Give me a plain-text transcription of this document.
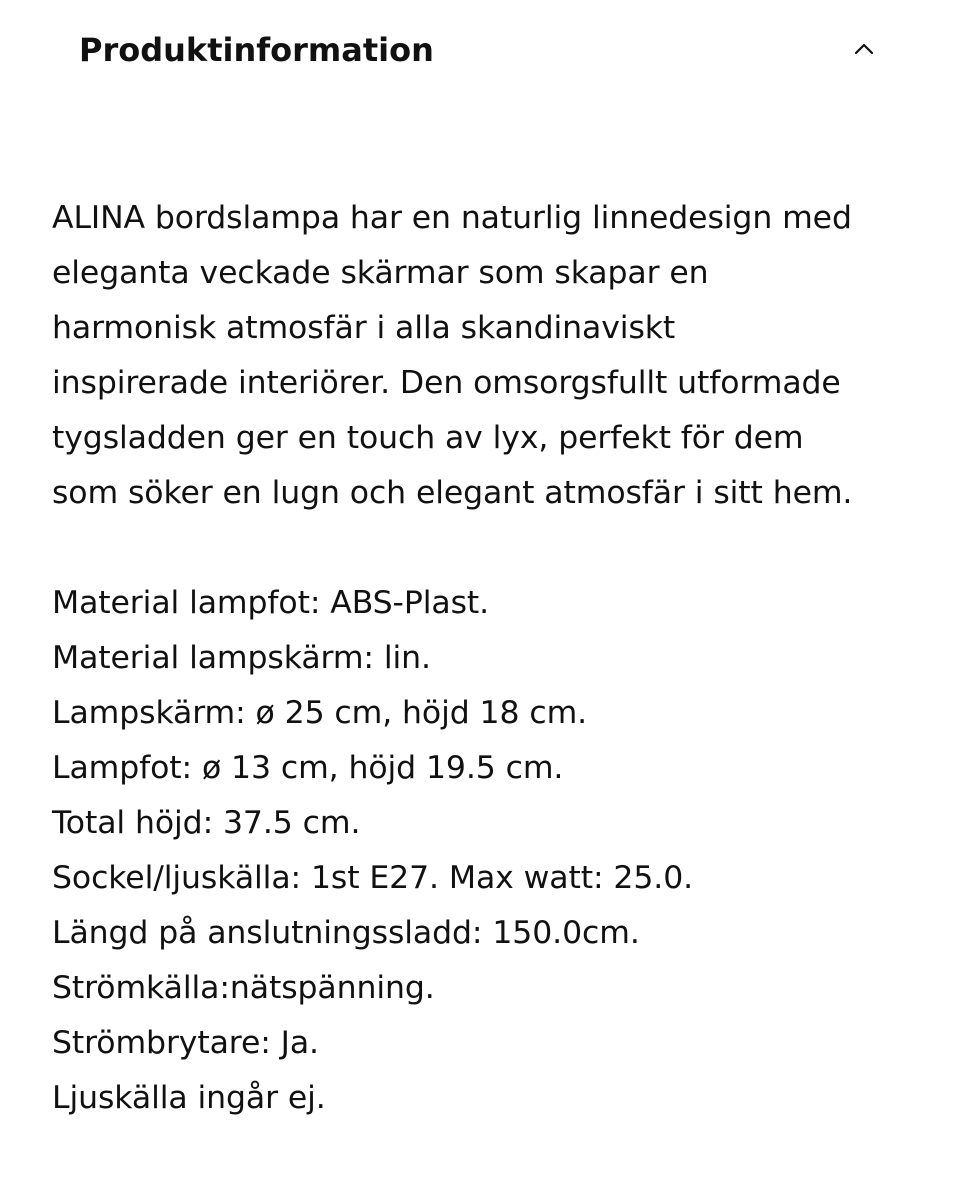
Produktinformation

ALINA bordslampa har en naturlig linnedesign med

eleganta veckade skärmar som skapar en

harmonisk atmosfär i alla skandinaviskt

inspirerade interiörer. Den omsorgsfullt utformade

tygsladden ger en touch av lyx, perfekt för dem

som söker en lugn och elegant atmosfär i sitt hem.

Material lampfot: ABS-Plast.

Material lampskärm: lin.

Lampskärm: ø 25 cm, höjd 18 cm.

Lampfot: ø 13 cm, höjd 19.5 cm.

Total höjd: 37.5 cm.

Sockel/ljuskälla: 1st E27. Max watt: 25.0.

Längd på anslutningssladd: 150.0cm.

Strömkälla:nätspänning.

Strömbrytare: Ja.

Ljuskälla ingår ej.
